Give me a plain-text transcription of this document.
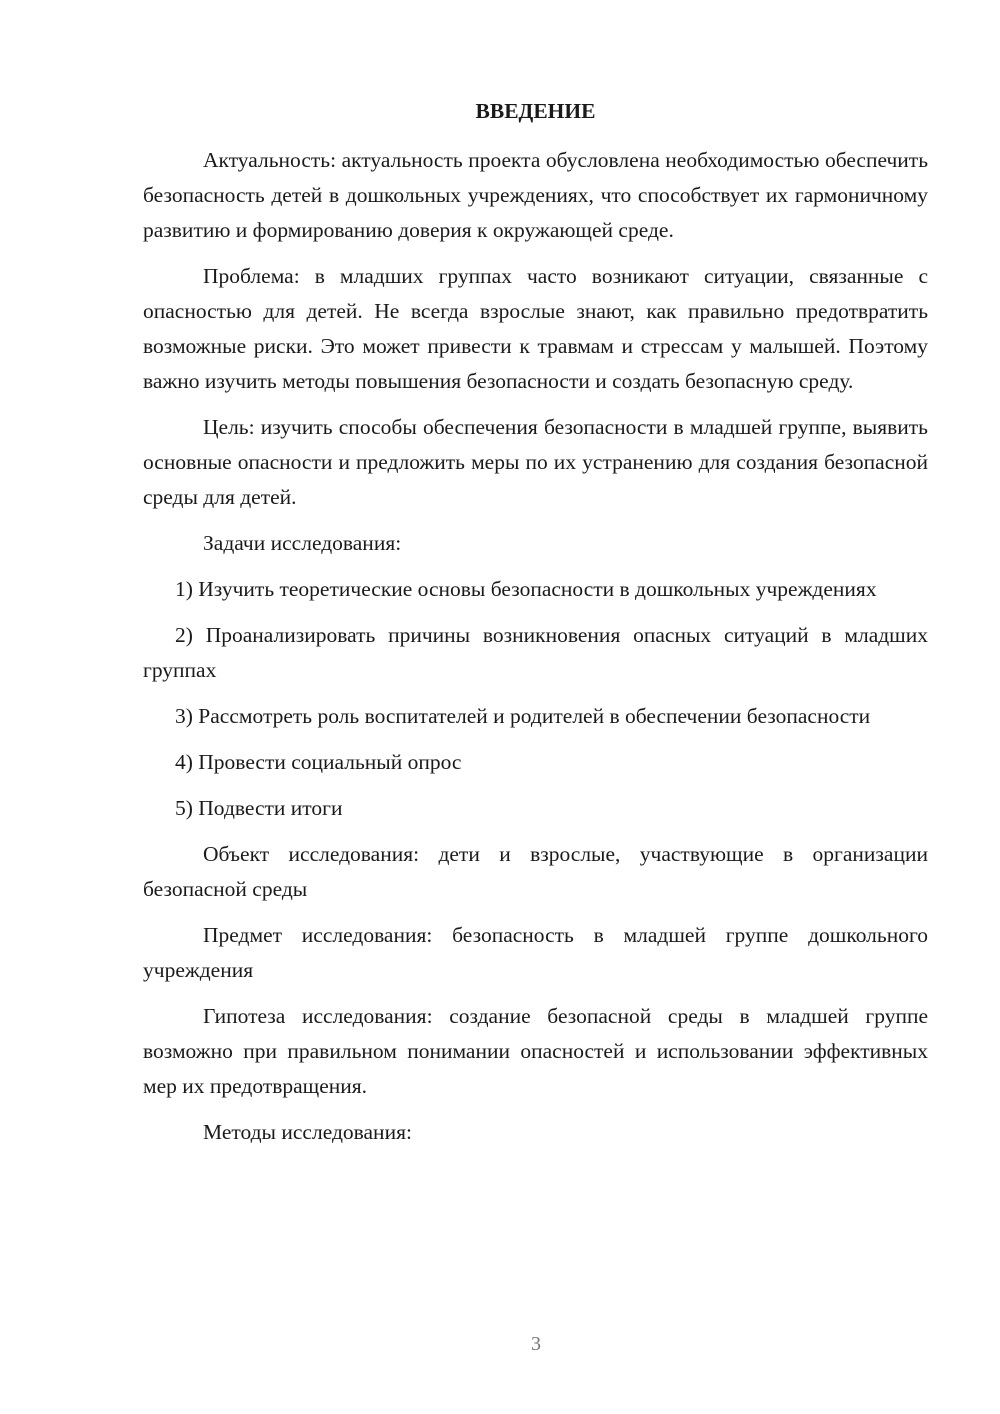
ВВЕДЕНИЕ

Актуальность: актуальность проекта обусловлена необходимостью обеспечить безопасность детей в дошкольных учреждениях, что способствует их гармоничному развитию и формированию доверия к окружающей среде.

Проблема: в младших группах часто возникают ситуации, связанные с опасностью для детей. Не всегда взрослые знают, как правильно предотвратить возможные риски. Это может привести к травмам и стрессам у малышей. Поэтому важно изучить методы повышения безопасности и создать безопасную среду.

Цель: изучить способы обеспечения безопасности в младшей группе, выявить основные опасности и предложить меры по их устранению для создания безопасной среды для детей.

Задачи исследования:

1) Изучить теоретические основы безопасности в дошкольных учреждениях

2) Проанализировать причины возникновения опасных ситуаций в младших группах

3) Рассмотреть роль воспитателей и родителей в обеспечении безопасности

4) Провести социальный опрос

5) Подвести итоги

Объект исследования: дети и взрослые, участвующие в организации безопасной среды

Предмет исследования: безопасность в младшей группе дошкольного учреждения

Гипотеза исследования: создание безопасной среды в младшей группе возможно при правильном понимании опасностей и использовании эффективных мер их предотвращения.

Методы исследования:

3
